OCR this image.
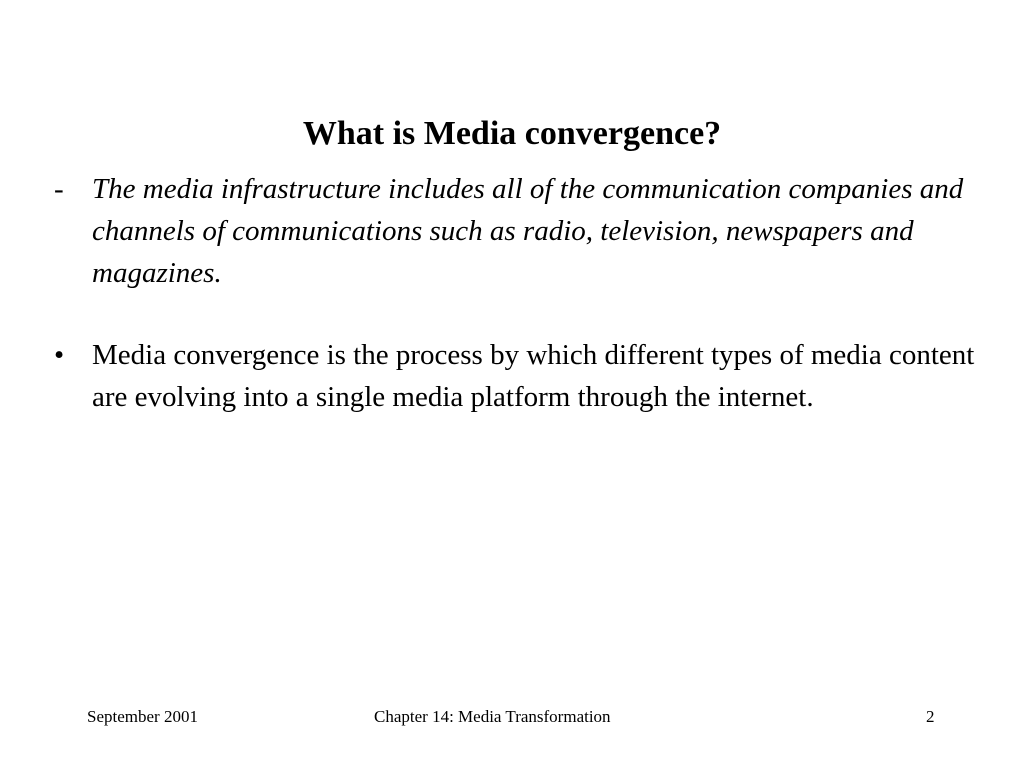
What is Media convergence?
- The media infrastructure includes all of the communication companies and channels of communications such as radio, television, newspapers and magazines.
• Media convergence is the process by which different types of media content are evolving into a single media platform through the internet.
September 2001	Chapter 14: Media Transformation	2
